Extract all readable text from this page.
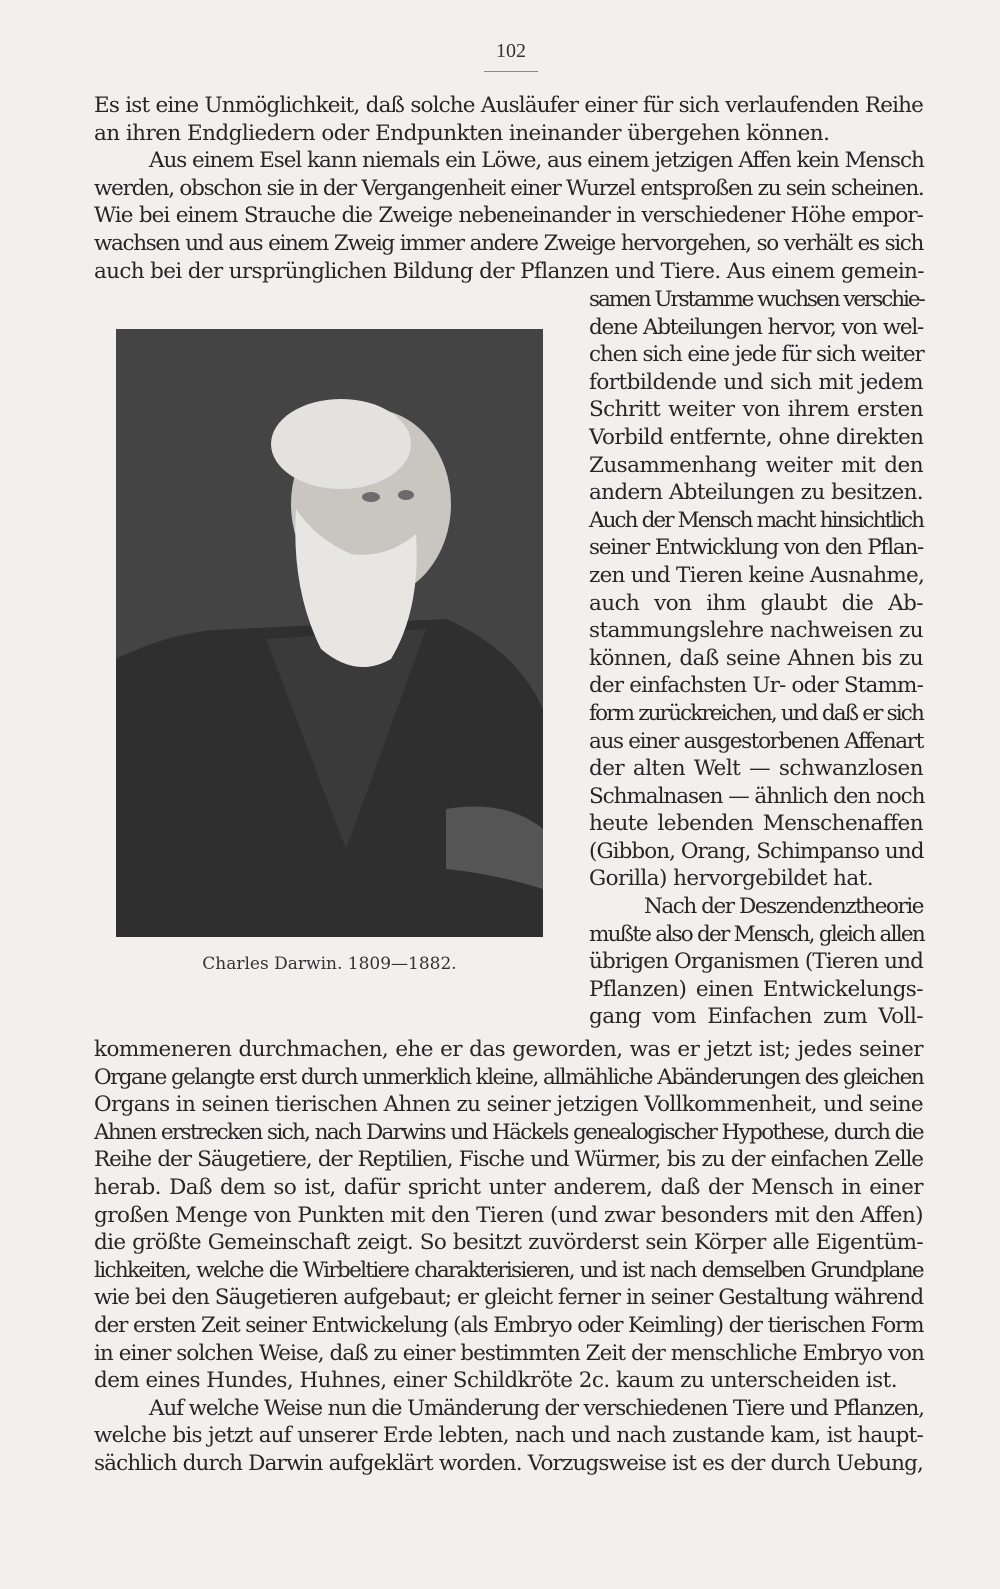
102
Es ist eine Unmöglichkeit, daß solche Ausläufer einer für sich verlaufenden Reihe
an ihren Endgliedern oder Endpunkten ineinander übergehen können.
Aus einem Esel kann niemals ein Löwe, aus einem jetzigen Affen kein Mensch
werden, obschon sie in der Vergangenheit einer Wurzel entsproßen zu sein scheinen.
Wie bei einem Strauche die Zweige nebeneinander in verschiedener Höhe empor-
wachsen und aus einem Zweig immer andere Zweige hervorgehen, so verhält es sich
auch bei der ursprünglichen Bildung der Pflanzen und Tiere. Aus einem gemein-
Charles Darwin. 1809—1882.
samen Urstamme wuchsen verschie-
dene Abteilungen hervor, von wel-
chen sich eine jede für sich weiter
fortbildende und sich mit jedem
Schritt weiter von ihrem ersten
Vorbild entfernte, ohne direkten
Zusammenhang weiter mit den
andern Abteilungen zu besitzen.
Auch der Mensch macht hinsichtlich
seiner Entwicklung von den Pflan-
zen und Tieren keine Ausnahme,
auch von ihm glaubt die Ab-
stammungslehre nachweisen zu
können, daß seine Ahnen bis zu
der einfachsten Ur- oder Stamm-
form zurückreichen, und daß er sich
aus einer ausgestorbenen Affenart
der alten Welt — schwanzlosen
Schmalnasen — ähnlich den noch
heute lebenden Menschenaffen
(Gibbon, Orang, Schimpanso und
Gorilla) hervorgebildet hat.
Nach der Deszendenztheorie
mußte also der Mensch, gleich allen
übrigen Organismen (Tieren und
Pflanzen) einen Entwickelungs-
gang vom Einfachen zum Voll-
kommeneren durchmachen, ehe er das geworden, was er jetzt ist; jedes seiner
Organe gelangte erst durch unmerklich kleine, allmähliche Abänderungen des gleichen
Organs in seinen tierischen Ahnen zu seiner jetzigen Vollkommenheit, und seine
Ahnen erstrecken sich, nach Darwins und Häckels genealogischer Hypothese, durch die
Reihe der Säugetiere, der Reptilien, Fische und Würmer, bis zu der einfachen Zelle
herab. Daß dem so ist, dafür spricht unter anderem, daß der Mensch in einer
großen Menge von Punkten mit den Tieren (und zwar besonders mit den Affen)
die größte Gemeinschaft zeigt. So besitzt zuvörderst sein Körper alle Eigentüm-
lichkeiten, welche die Wirbeltiere charakterisieren, und ist nach demselben Grundplane
wie bei den Säugetieren aufgebaut; er gleicht ferner in seiner Gestaltung während
der ersten Zeit seiner Entwickelung (als Embryo oder Keimling) der tierischen Form
in einer solchen Weise, daß zu einer bestimmten Zeit der menschliche Embryo von
dem eines Hundes, Huhnes, einer Schildkröte 2c. kaum zu unterscheiden ist.
Auf welche Weise nun die Umänderung der verschiedenen Tiere und Pflanzen,
welche bis jetzt auf unserer Erde lebten, nach und nach zustande kam, ist haupt-
sächlich durch Darwin aufgeklärt worden. Vorzugsweise ist es der durch Uebung,
